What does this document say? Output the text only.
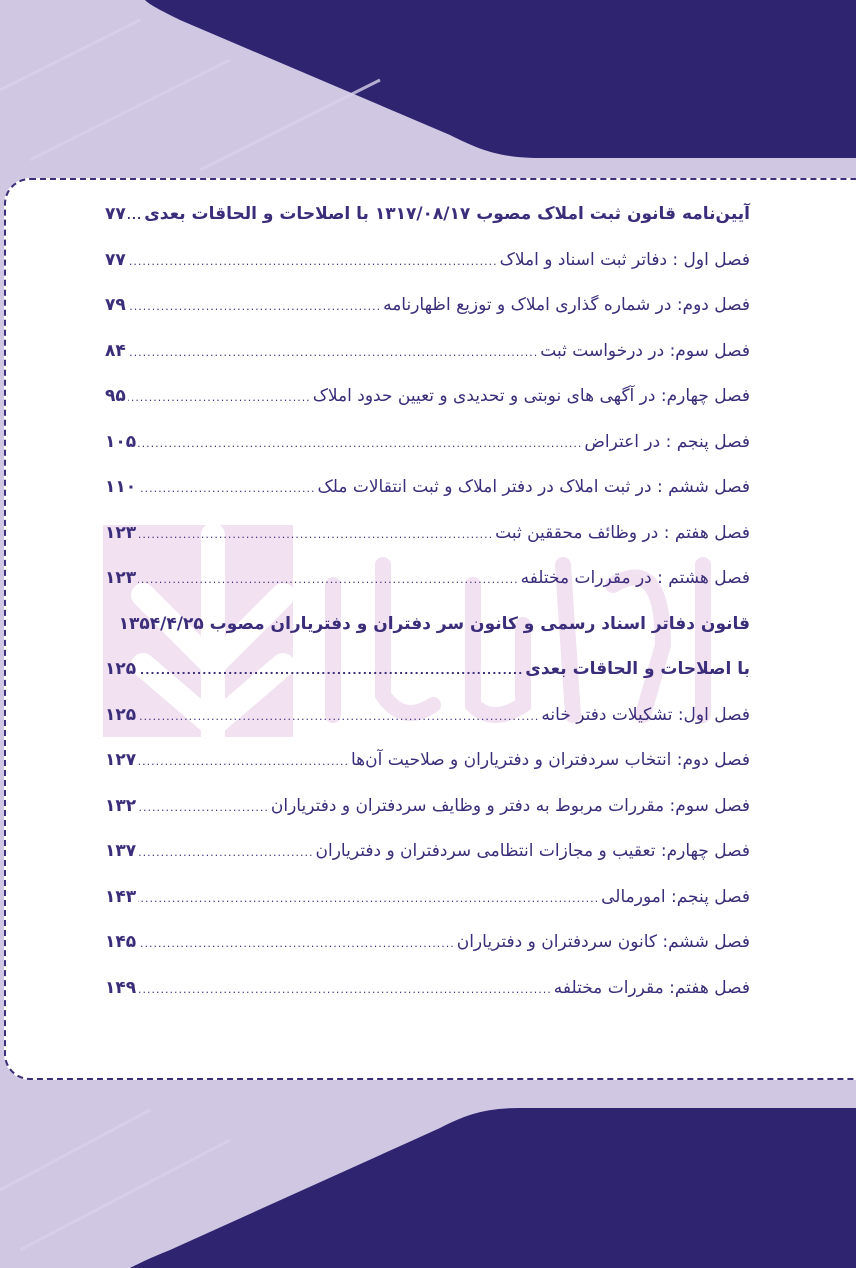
آیین‌نامه قانون ثبت املاک مصوب ۱۳۱۷/۰۸/۱۷ با اصلاحات و الحاقات بعدی
.....
۷۷
فصل اول : دفاتر ثبت اسناد و املاک
.....
۷۷
فصل دوم: در شماره گذاری املاک و توزیع اظهارنامه
.....
۷۹
فصل سوم: در درخواست ثبت
.....
۸۴
فصل چهارم: در آگهی های نوبتی و تحدیدی و تعیین حدود املاک
.....
۹۵
فصل پنجم : در اعتراض
.....
۱۰۵
فصل ششم : در ثبت املاک در دفتر املاک و ثبت انتقالات ملک
.....
۱۱۰
فصل هفتم : در وظائف محققین ثبت
.....
۱۲۳
فصل هشتم : در مقررات مختلفه
.....
۱۲۳
قانون دفاتر اسناد رسمی و کانون سر دفتران و دفتریاران مصوب ۱۳۵۴/۴/۲۵
با اصلاحات و الحاقات بعدی
.....
۱۲۵
فصل اول: تشکیلات دفتر خانه
.....
۱۲۵
فصل دوم: انتخاب سردفتران و دفتریاران و صلاحیت آن‌ها
.....
۱۲۷
فصل سوم: مقررات مربوط به دفتر و وظایف سردفتران و دفتریاران
.....
۱۳۲
فصل چهارم: تعقیب و مجازات انتظامی سردفتران و دفتریاران
.....
۱۳۷
فصل پنجم: امورمالی
.....
۱۴۳
فصل ششم: کانون سردفتران و دفتریاران
.....
۱۴۵
فصل هفتم: مقررات مختلفه
.....
۱۴۹
